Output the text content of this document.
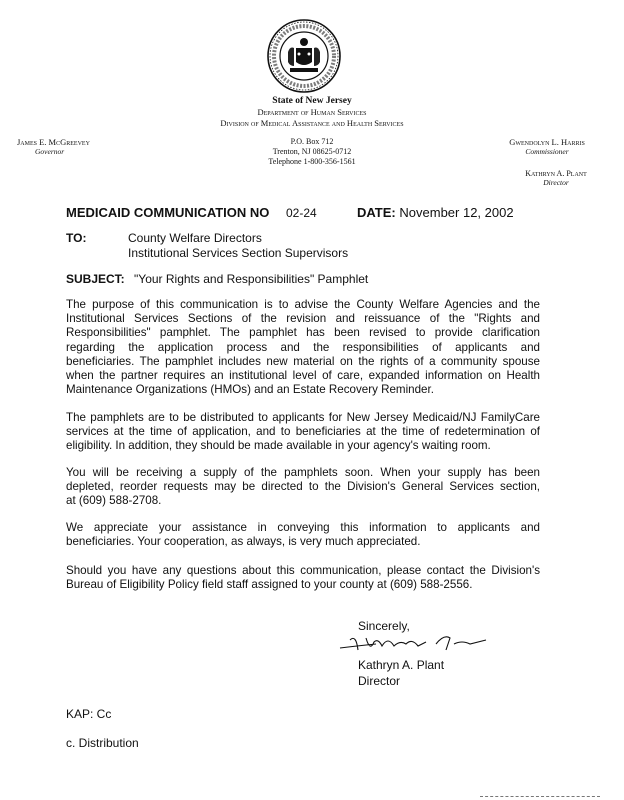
State of New Jersey
Department of Human Services
Division of Medical Assistance and Health Services
James E. McGreevey
Governor
P.O. Box 712
Trenton, NJ 08625-0712
Telephone 1-800-356-1561
Gwendolyn L. Harris
Commissioner
Kathryn A. Plant
Director
MEDICAID COMMUNICATION NO 02-24	DATE: November 12, 2002
TO:	County Welfare Directors
Institutional Services Section Supervisors
SUBJECT: "Your Rights and Responsibilities" Pamphlet
The purpose of this communication is to advise the County Welfare Agencies and the
Institutional Services Sections of the revision and reissuance of the "Rights and
Responsibilities" pamphlet. The pamphlet has been revised to provide clarification
regarding the application process and the responsibilities of applicants and
beneficiaries. The pamphlet includes new material on the rights of a community spouse
when the partner requires an institutional level of care, expanded information on Health
Maintenance Organizations (HMOs) and an Estate Recovery Reminder.
The pamphlets are to be distributed to applicants for New Jersey Medicaid/NJ FamilyCare
services at the time of application, and to beneficiaries at the time of redetermination of
eligibility. In addition, they should be made available in your agency's waiting room.
You will be receiving a supply of the pamphlets soon. When your supply has been
depleted, reorder requests may be directed to the Division's General Services section,
at (609) 588-2708.
We appreciate your assistance in conveying this information to applicants and
beneficiaries. Your cooperation, as always, is very much appreciated.
Should you have any questions about this communication, please contact the Division's
Bureau of Eligibility Policy field staff assigned to your county at (609) 588-2556.
Sincerely,
Kathryn A. Plant
Director
KAP: Cc
c. Distribution
